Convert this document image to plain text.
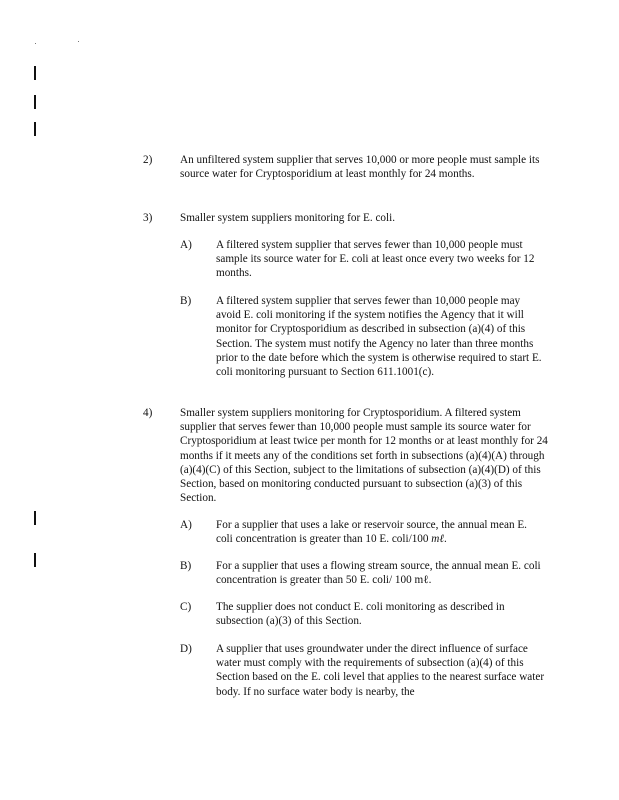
2) An unfiltered system supplier that serves 10,000 or more people must sample its source water for Cryptosporidium at least monthly for 24 months.
3) Smaller system suppliers monitoring for E. coli.
A) A filtered system supplier that serves fewer than 10,000 people must sample its source water for E. coli at least once every two weeks for 12 months.
B) A filtered system supplier that serves fewer than 10,000 people may avoid E. coli monitoring if the system notifies the Agency that it will monitor for Cryptosporidium as described in subsection (a)(4) of this Section. The system must notify the Agency no later than three months prior to the date before which the system is otherwise required to start E. coli monitoring pursuant to Section 611.1001(c).
4) Smaller system suppliers monitoring for Cryptosporidium. A filtered system supplier that serves fewer than 10,000 people must sample its source water for Cryptosporidium at least twice per month for 12 months or at least monthly for 24 months if it meets any of the conditions set forth in subsections (a)(4)(A) through (a)(4)(C) of this Section, subject to the limitations of subsection (a)(4)(D) of this Section, based on monitoring conducted pursuant to subsection (a)(3) of this Section.
A) For a supplier that uses a lake or reservoir source, the annual mean E. coli concentration is greater than 10 E. coli/100 mℓ.
B) For a supplier that uses a flowing stream source, the annual mean E. coli concentration is greater than 50 E. coli/ 100 mℓ.
C) The supplier does not conduct E. coli monitoring as described in subsection (a)(3) of this Section.
D) A supplier that uses groundwater under the direct influence of surface water must comply with the requirements of subsection (a)(4) of this Section based on the E. coli level that applies to the nearest surface water body. If no surface water body is nearby, the
